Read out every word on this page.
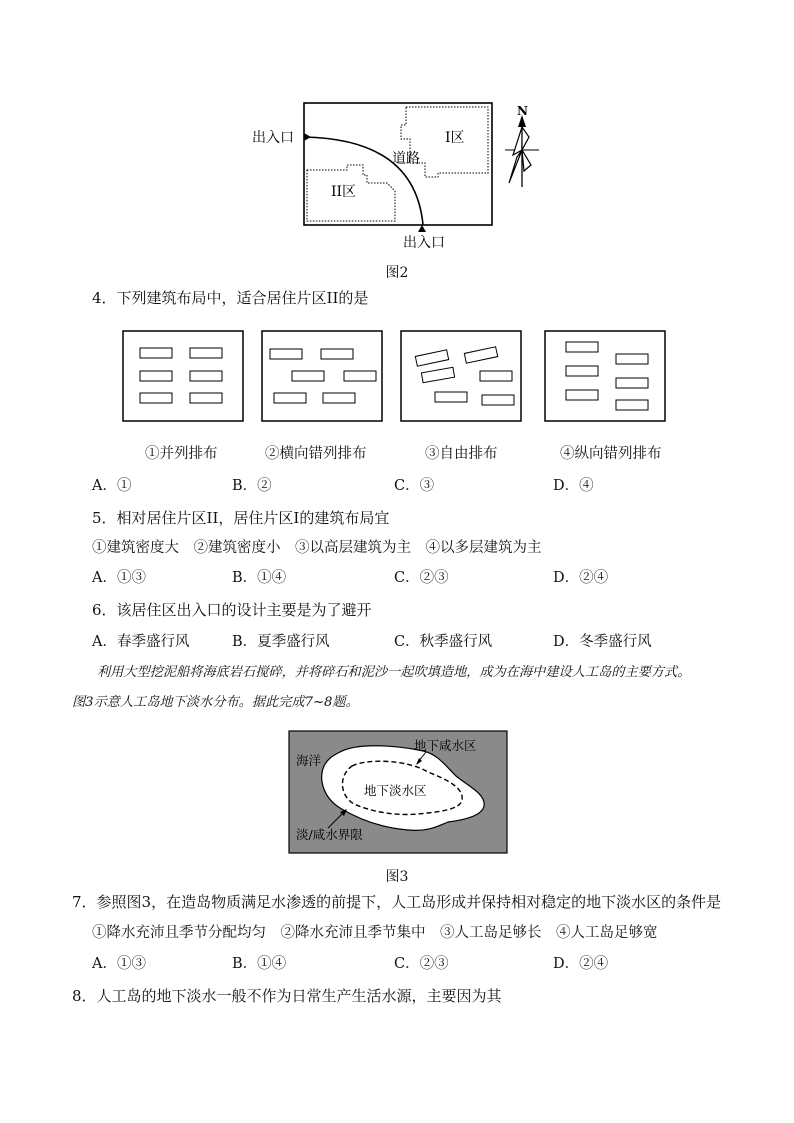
出入口
出入口
I区
II区
道路
N
图2
4．下列建筑布局中，适合居住片区II的是
①并列排布	②横向错列排布	③自由排布	④纵向错列排布
A．①	B．②	C．③	D．④
5．相对居住片区II，居住片区I的建筑布局宜
①建筑密度大　②建筑密度小　③以高层建筑为主　④以多层建筑为主
A．①③	B．①④	C．②③	D．②④
6．该居住区出入口的设计主要是为了避开
A．春季盛行风	B．夏季盛行风	C．秋季盛行风	D．冬季盛行风
利用大型挖泥船将海底岩石搅碎，并将碎石和泥沙一起吹填造地，成为在海中建设人工岛的主要方式。
图3示意人工岛地下淡水分布。据此完成7~8题。
海洋
地下咸水区
地下淡水区
淡/咸水界限
图3
7．参照图3，在造岛物质满足水渗透的前提下，人工岛形成并保持相对稳定的地下淡水区的条件是
①降水充沛且季节分配均匀　②降水充沛且季节集中　③人工岛足够长　④人工岛足够宽
A．①③	B．①④	C．②③	D．②④
8．人工岛的地下淡水一般不作为日常生产生活水源，主要因为其
